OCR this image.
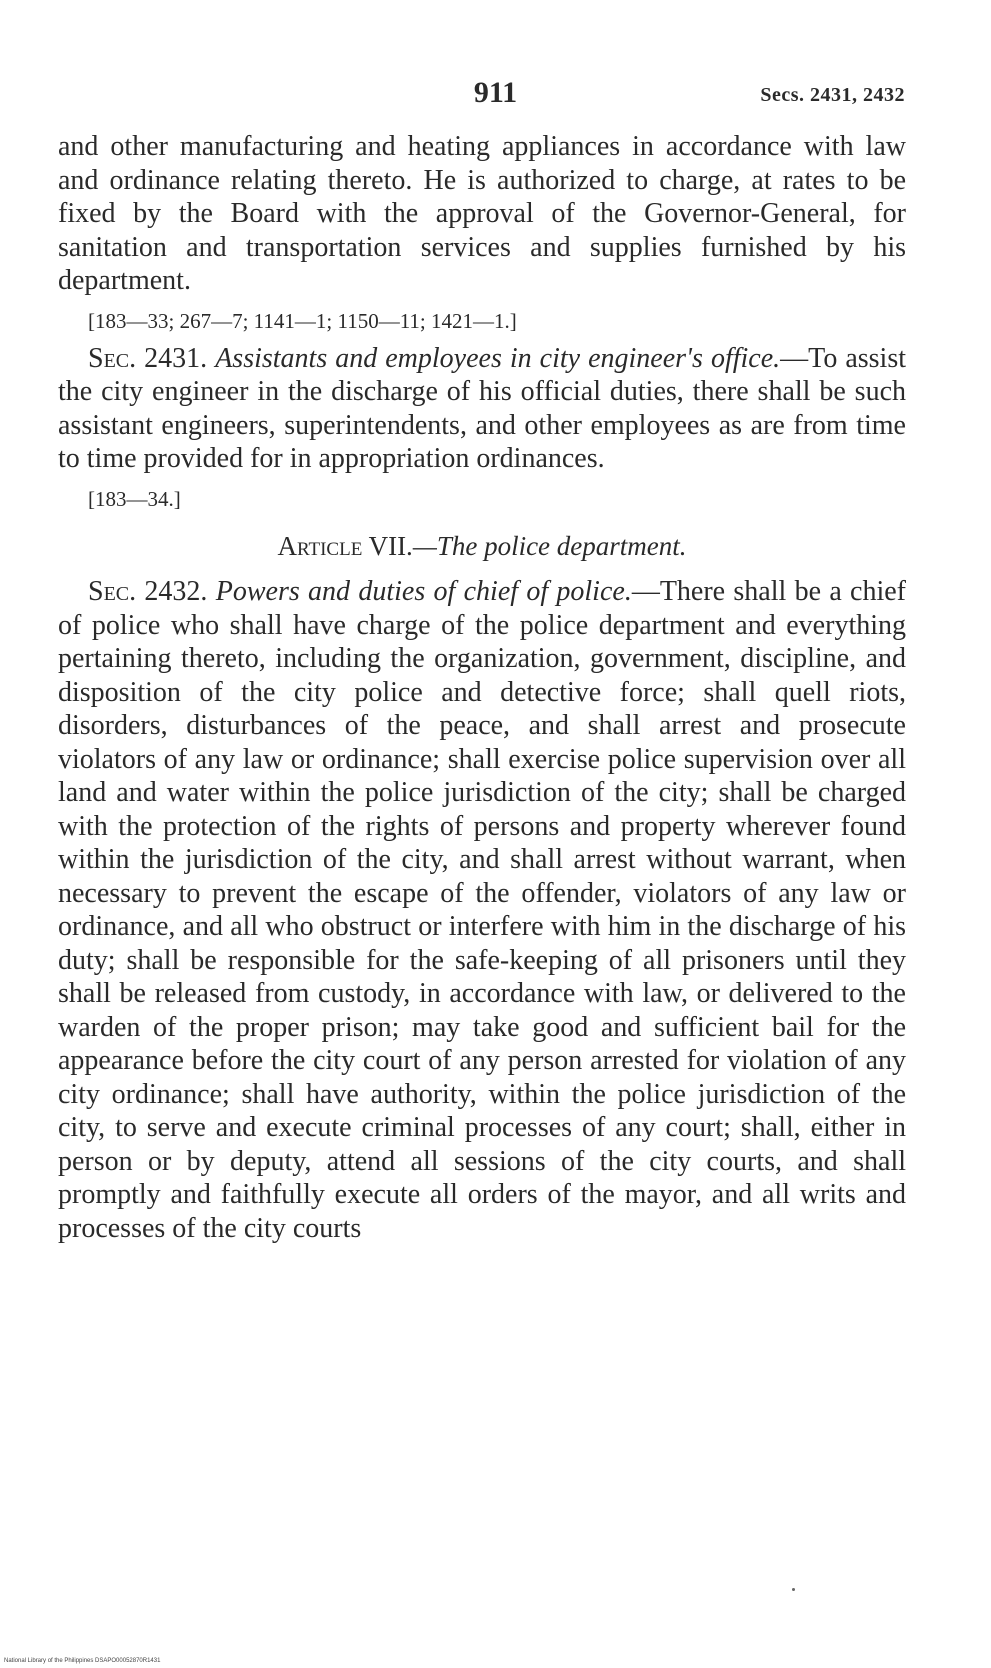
911	Secs. 2431, 2432

and other manufacturing and heating appliances in accordance with law and ordinance relating thereto. He is authorized to charge, at rates to be fixed by the Board with the approval of the Governor-General, for sanitation and transportation services and supplies furnished by his department.

[183—33; 267—7; 1141—1; 1150—11; 1421—1.]

Sec. 2431. Assistants and employees in city engineer's office.—To assist the city engineer in the discharge of his official duties, there shall be such assistant engineers, superintendents, and other employees as are from time to time provided for in appropriation ordinances.

[183—34.]

Article VII.—The police department.

Sec. 2432. Powers and duties of chief of police.—There shall be a chief of police who shall have charge of the police department and everything pertaining thereto, including the organization, government, discipline, and disposition of the city police and detective force; shall quell riots, disorders, disturbances of the peace, and shall arrest and prosecute violators of any law or ordinance; shall exercise police supervision over all land and water within the police jurisdiction of the city; shall be charged with the protection of the rights of persons and property wherever found within the jurisdiction of the city, and shall arrest without warrant, when necessary to prevent the escape of the offender, violators of any law or ordinance, and all who obstruct or interfere with him in the discharge of his duty; shall be responsible for the safe-keeping of all prisoners until they shall be released from custody, in accordance with law, or delivered to the warden of the proper prison; may take good and sufficient bail for the appearance before the city court of any person arrested for violation of any city ordinance; shall have authority, within the police jurisdiction of the city, to serve and execute criminal processes of any court; shall, either in person or by deputy, attend all sessions of the city courts, and shall promptly and faithfully execute all orders of the mayor, and all writs and processes of the city courts

National Library of the Philippines DSAPO00052870R1431
